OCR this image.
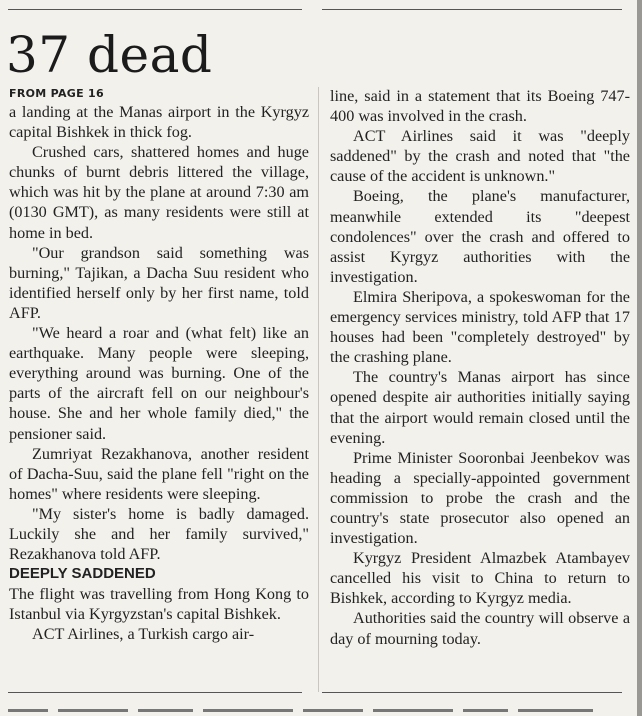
37 dead
FROM PAGE 16

a landing at the Manas airport in the Kyrgyz capital Bishkek in thick fog.

Crushed cars, shattered homes and huge chunks of burnt debris littered the village, which was hit by the plane at around 7:30 am (0130 GMT), as many residents were still at home in bed.

"Our grandson said something was burning," Tajikan, a Dacha Suu resident who identified herself only by her first name, told AFP.

"We heard a roar and (what felt) like an earthquake. Many people were sleeping, everything around was burning. One of the parts of the aircraft fell on our neighbour's house. She and her whole family died," the pensioner said.

Zumriyat Rezakhanova, another resident of Dacha-Suu, said the plane fell "right on the homes" where residents were sleeping.

"My sister's home is badly damaged. Luckily she and her family survived," Rezakhanova told AFP.

DEEPLY SADDENED

The flight was travelling from Hong Kong to Istanbul via Kyrgyzstan's capital Bishkek.

ACT Airlines, a Turkish cargo air-

line, said in a statement that its Boeing 747-400 was involved in the crash.

ACT Airlines said it was "deeply saddened" by the crash and noted that "the cause of the accident is unknown."

Boeing, the plane's manufacturer, meanwhile extended its "deepest condolences" over the crash and offered to assist Kyrgyz authorities with the investigation.

Elmira Sheripova, a spokeswoman for the emergency services ministry, told AFP that 17 houses had been "completely destroyed" by the crashing plane.

The country's Manas airport has since opened despite air authorities initially saying that the airport would remain closed until the evening.

Prime Minister Sooronbai Jeenbekov was heading a specially-appointed government commission to probe the crash and the country's state prosecutor also opened an investigation.

Kyrgyz President Almazbek Atambayev cancelled his visit to China to return to Bishkek, according to Kyrgyz media.

Authorities said the country will observe a day of mourning today.
